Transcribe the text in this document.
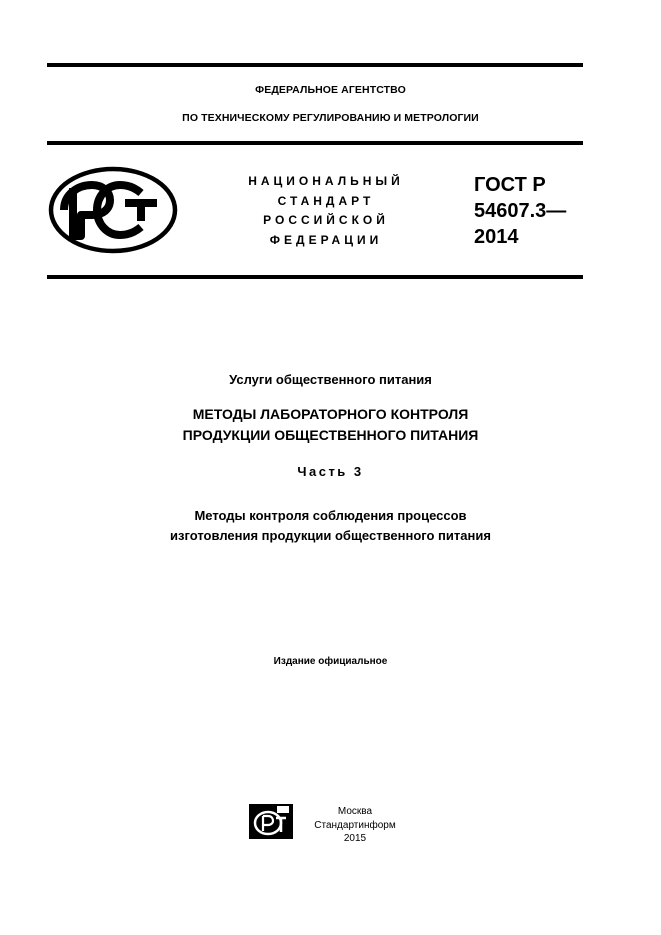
ФЕДЕРАЛЬНОЕ АГЕНТСТВО
ПО ТЕХНИЧЕСКОМУ РЕГУЛИРОВАНИЮ И МЕТРОЛОГИИ
НАЦИОНАЛЬНЫЙ
СТАНДАРТ
РОССИЙСКОЙ
ФЕДЕРАЦИИ
ГОСТ Р
54607.3—
2014
Услуги общественного питания
МЕТОДЫ ЛАБОРАТОРНОГО КОНТРОЛЯ
ПРОДУКЦИИ ОБЩЕСТВЕННОГО ПИТАНИЯ
Часть 3
Методы контроля соблюдения процессов
изготовления продукции общественного питания
Издание официальное
Москва
Стандартинформ
2015
